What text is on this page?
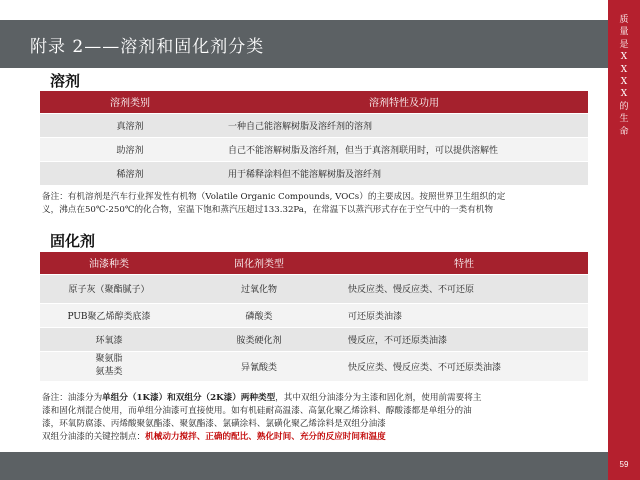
附录 2——溶剂和固化剂分类
质
量
是
X
X
X
X
的
生
命
59
溶剂
溶剂类别	溶剂特性及功用
真溶剂	一种自己能溶解树脂及溶纤剂的溶剂
助溶剂	自己不能溶解树脂及溶纤剂，但当于真溶剂联用时，可以提供溶解性
稀溶剂	用于稀释涂料但不能溶解树脂及溶纤剂
备注：有机溶剂是汽车行业挥发性有机物（Volatile Organic Compounds, VOCs）的主要成因。按照世界卫生组织的定
义，沸点在50℃-250℃的化合物，室温下饱和蒸汽压超过133.32Pa，在常温下以蒸汽形式存在于空气中的一类有机物
固化剂
油漆种类	固化剂类型	特性
原子灰（聚酯腻子）	过氧化物	快反应类、慢反应类、不可还原
PUB聚乙烯醇类底漆	磷酸类	可还原类油漆
环氧漆	胺类硬化剂	慢反应，不可还原类油漆
聚氨脂
氨基类	异氰酸类	快反应类、慢反应类、不可还原类油漆
备注：油漆分为单组分（1K漆）和双组分（2K漆）两种类型，其中双组分油漆分为主漆和固化剂，使用前需要将主
漆和固化剂混合使用，而单组分油漆可直接使用。如有机硅耐高温漆、高氯化聚乙烯涂料、醇酸漆都是单组分的油
漆，环氧防腐漆、丙烯酸聚氨酯漆、聚氨酯漆、氯磺涂料、氯磺化聚乙烯涂料是双组分油漆
双组分油漆的关键控制点：机械动力搅拌、正确的配比、熟化时间、充分的反应时间和温度
